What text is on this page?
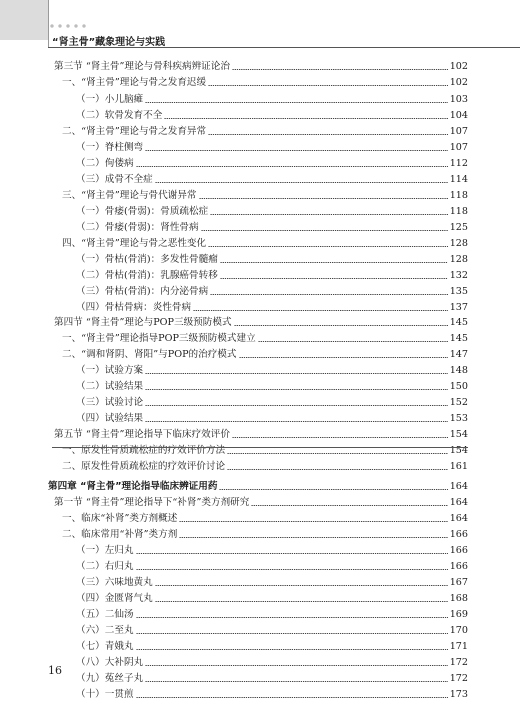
“肾主骨”藏象理论与实践
第三节 “肾主骨”理论与骨科疾病辨证论治	102
一、“肾主骨”理论与骨之发育迟缓	102
（一）小儿脑瘫	103
（二）软骨发育不全	104
二、“肾主骨”理论与骨之发育异常	107
（一）脊柱侧弯	107
（二）佝偻病	112
（三）成骨不全症	114
三、“肾主骨”理论与骨代谢异常	118
（一）骨痿(骨弱)：骨质疏松症	118
（二）骨痿(骨弱)：肾性骨病	125
四、“肾主骨”理论与骨之恶性变化	128
（一）骨枯(骨消)：多发性骨髓瘤	128
（二）骨枯(骨消)：乳腺癌骨转移	132
（三）骨枯(骨消)：内分泌骨病	135
（四）骨枯骨病：炎性骨病	137
第四节 “肾主骨”理论与POP三级预防模式	145
一、“肾主骨”理论指导POP三级预防模式建立	145
二、“调和肾阴、肾阳”与POP的治疗模式	147
（一）试验方案	148
（二）试验结果	150
（三）试验讨论	152
（四）试验结果	153
第五节 “肾主骨”理论指导下临床疗效评价	154
一、原发性骨质疏松症的疗效评价方法	154
二、原发性骨质疏松症的疗效评价讨论	161
第四章 “肾主骨”理论指导临床辨证用药	164
第一节 “肾主骨”理论指导下“补肾”类方剂研究	164
一、临床“补肾”类方剂概述	164
二、临床常用“补肾”类方剂	166
（一）左归丸	166
（二）右归丸	166
（三）六味地黄丸	167
（四）金匮肾气丸	168
（五）二仙汤	169
（六）二至丸	170
（七）青娥丸	171
（八）大补阴丸	172
（九）菟丝子丸	172
（十）一贯煎	173
16
